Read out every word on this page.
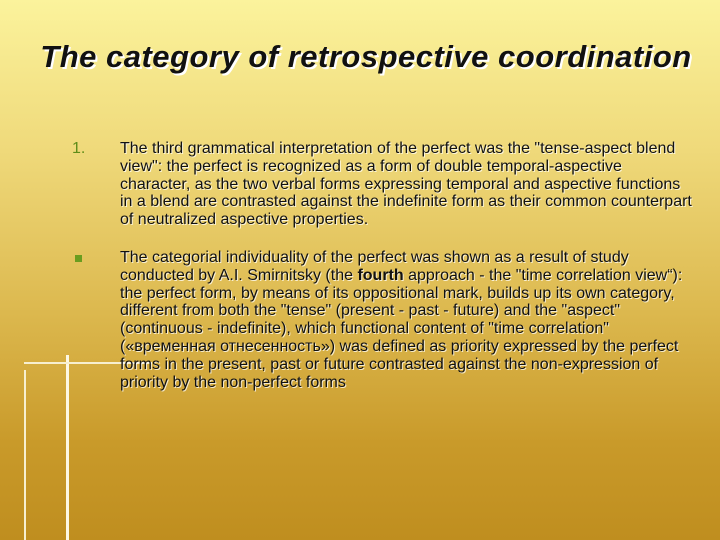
The category of retrospective coordination
1. The third grammatical interpretation of the perfect was the "tense-aspect blend view": the perfect is recognized as a form of double temporal-aspective character, as the two verbal forms expressing temporal and aspective functions in a blend are contrasted against the indefinite form as their common counterpart of neutralized aspective properties.
The categorial individuality of the perfect was shown as a result of study conducted by A.I. Smirnitsky (the fourth approach - the "time correlation view“): the perfect form, by means of its oppositional mark, builds up its own category, different from both the "tense" (present - past - future) and the "aspect" (continuous - indefinite), which functional content of "time correlation" («временная отнесенность») was defined as priority expressed by the perfect forms in the present, past or future contrasted against the non-expression of priority by the non-perfect forms
